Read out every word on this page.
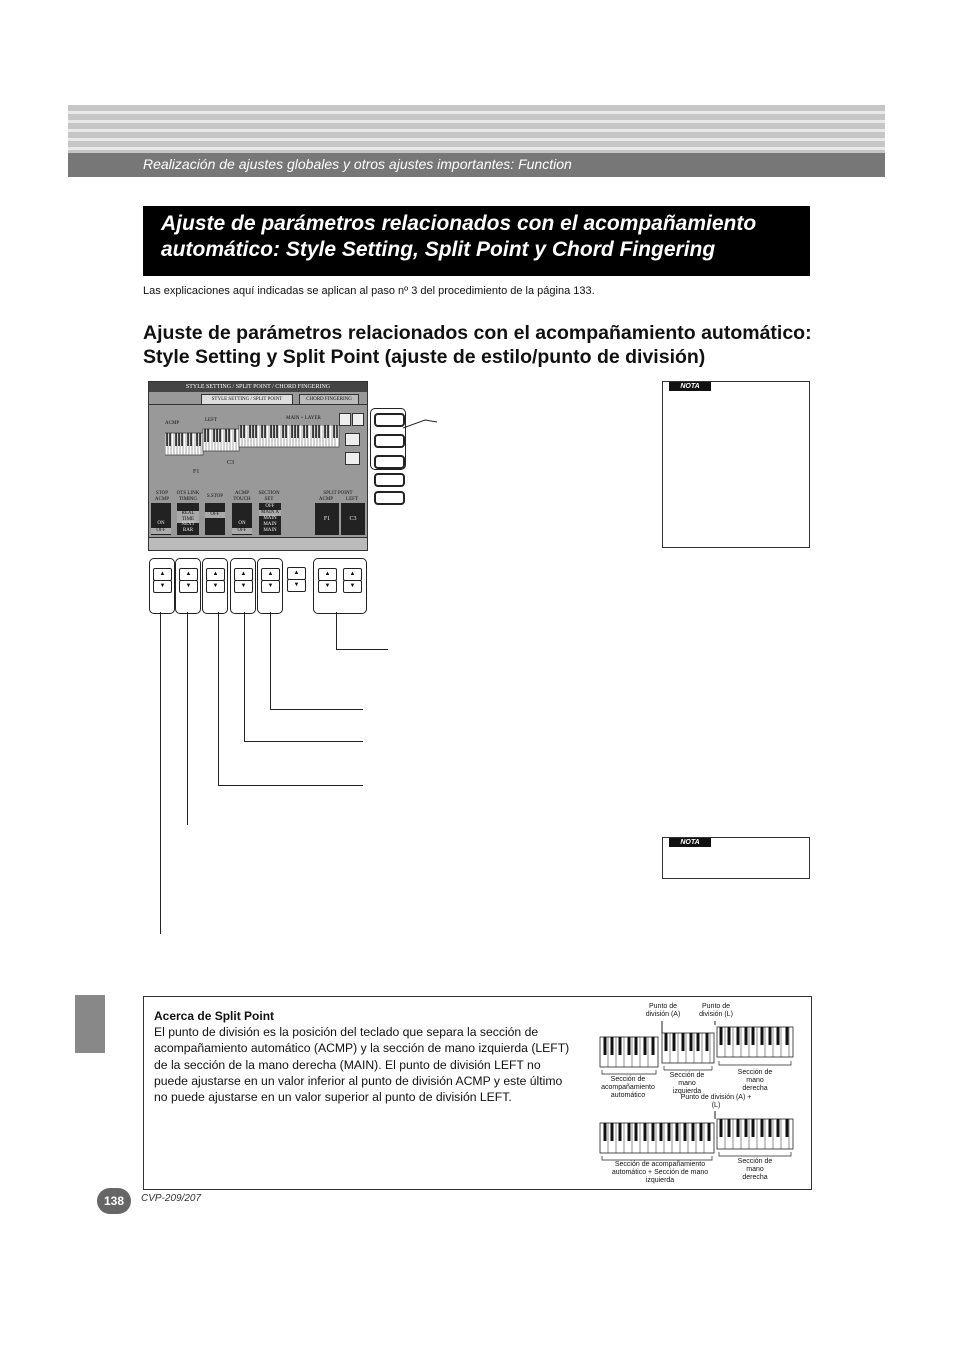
Realización de ajustes globales y otros ajustes importantes: Function
Ajuste de parámetros relacionados con el acompañamiento automático: Style Setting, Split Point y Chord Fingering
Las explicaciones aquí indicadas se aplican al paso nº 3 del procedimiento de la página 133.
Ajuste de parámetros relacionados con el acompañamiento automático: Style Setting y Split Point (ajuste de estilo/punto de división)
STYLE SETTING / SPLIT POINT / CHORD FINGERING
STYLE SETTING / SPLIT POINT	CHORD FINGERING
ACMP
LEFT	MAIN + LAYER
F1
C3
STOP ACMP
OTS LINK TIMING
S.STOP
ACMP TOUCH
SECTION SET
SPLIT POINT
ACMP	LEFT
ON
OFF
REAL TIME
NEXT BAR
OFF
ON
OFF
OFF
MAIN A
MAIN
MAIN
MAIN
F1	C3
▲
▼
▲
▼
▲
▼
▲
▼
▲
▼
▲
▼
▲
▼
▲
▼
NOTA
NOTA
Acerca de Split Point
El punto de división es la posición del teclado que separa la sección de acompañamiento automático (ACMP) y la sección de mano izquierda (LEFT) de la sección de la mano derecha (MAIN). El punto de división LEFT no puede ajustarse en un valor inferior al punto de división ACMP y este último no puede ajustarse en un valor superior al punto de división LEFT.
Punto de división (A)
Punto de división (L)
Sección de acompañamiento automático
Sección de mano izquierda
Sección de mano derecha
Punto de división (A) + (L)
Sección de acompañamiento automático + Sección de mano izquierda
Sección de mano derecha
138	CVP-209/207
